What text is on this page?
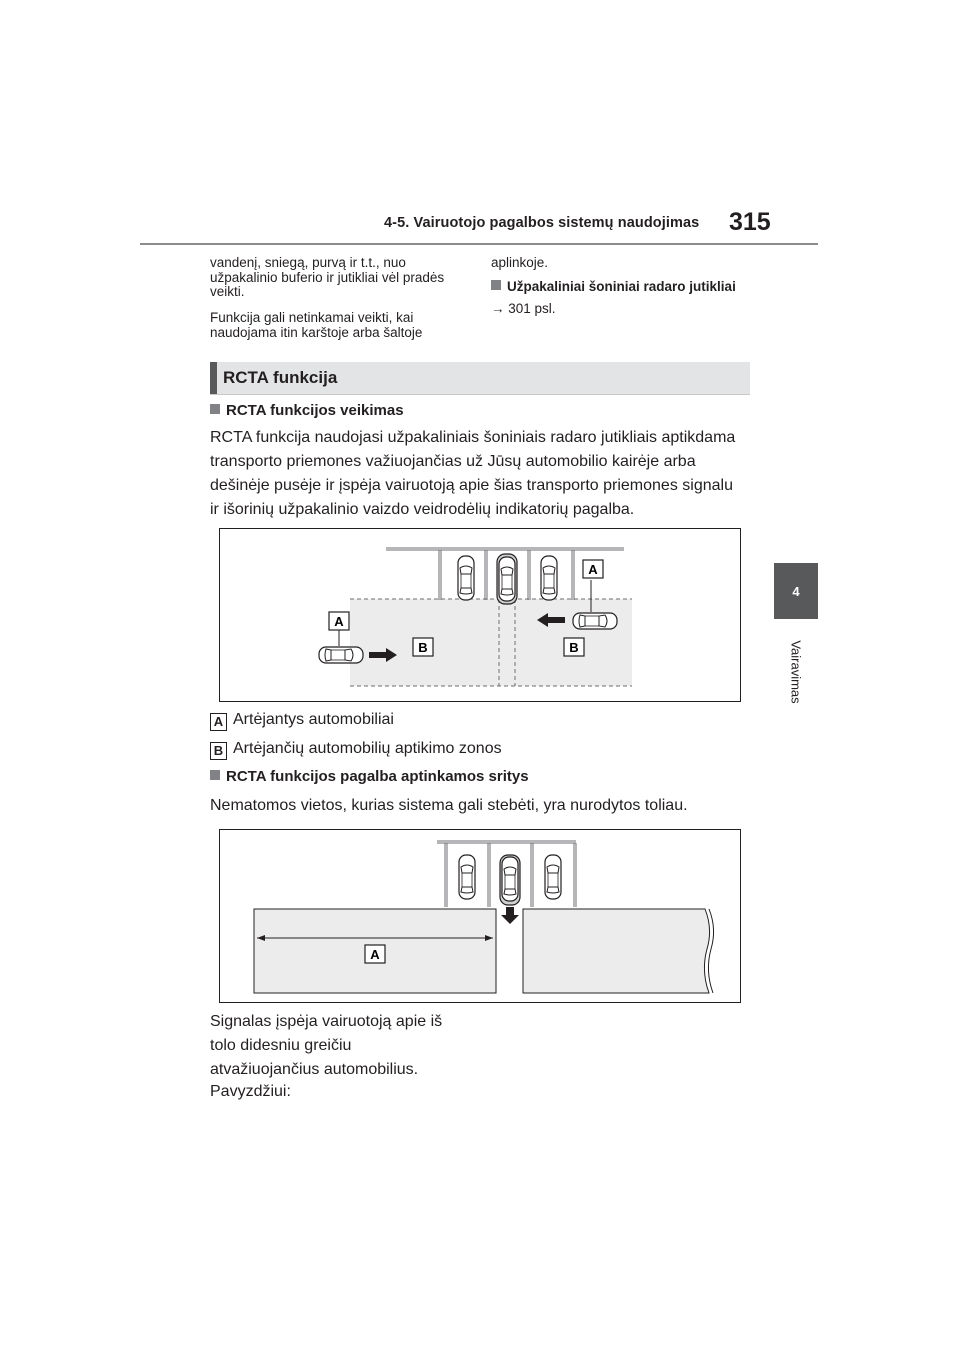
4-5. Vairuotojo pagalbos sistemų naudojimas 315
4
Vairavimas
vandenį, sniegą, purvą ir t.t., nuo
užpakalinio buferio ir jutikliai vėl pradės
veikti.
Funkcija gali netinkamai veikti, kai
naudojama itin karštoje arba šaltoje
aplinkoje.
Užpakaliniai šoniniai radaro jutikliai
→ 301 psl.
RCTA funkcija
RCTA funkcijos veikimas
RCTA funkcija naudojasi užpakaliniais šoniniais radaro jutikliais aptikdama
transporto priemones važiuojančias už Jūsų automobilio kairėje arba
dešinėje pusėje ir įspėja vairuotoją apie šias transporto priemones signalu
ir išorinių užpakalinio vaizdo veidrodėlių indikatorių pagalba.
A
A
B	B
A Artėjantys automobiliai
B Artėjančių automobilių aptikimo zonos
RCTA funkcijos pagalba aptinkamos sritys
Nematomos vietos, kurias sistema gali stebėti, yra nurodytos toliau.
A
Signalas įspėja vairuotoją apie iš
tolo didesniu greičiu
atvažiuojančius automobilius.
Pavyzdžiui:
